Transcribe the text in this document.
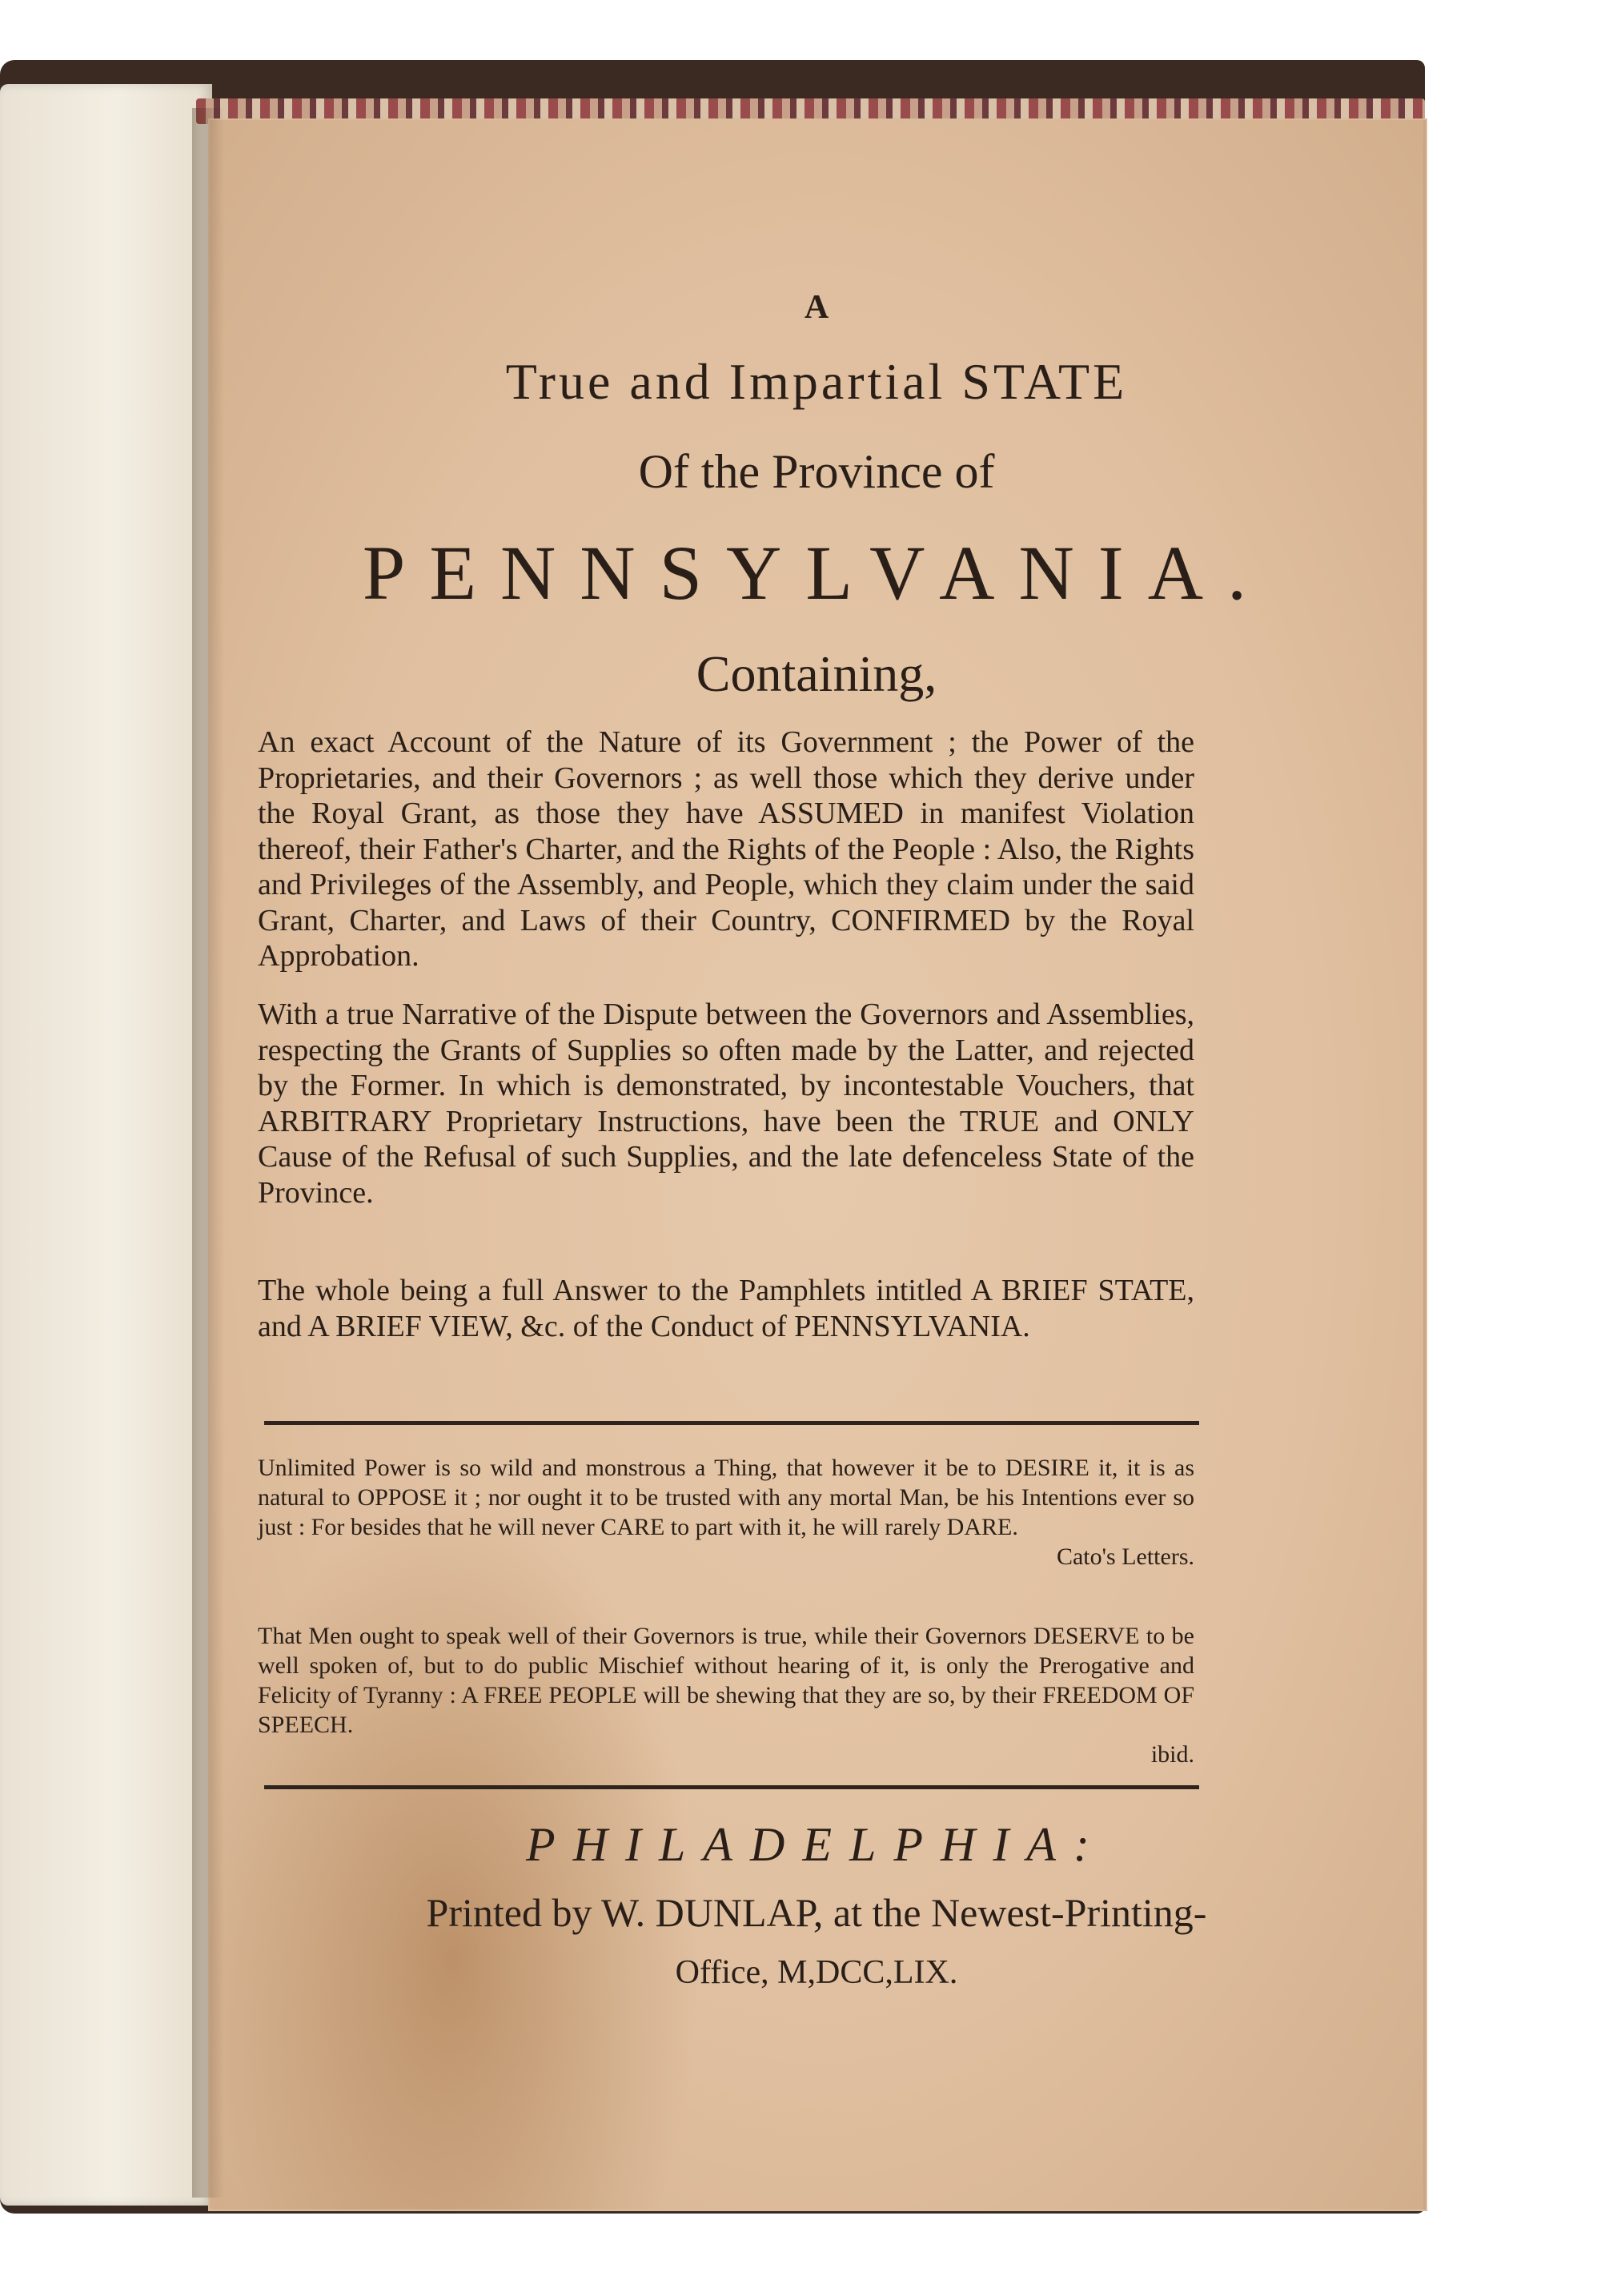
A
True and Impartial STATE
Of the Province of
PENNSYLVANIA.
Containing,
An exact Account of the Nature of its Government ; the Power of the Proprietaries, and their Governors ; as well those which they derive under the Royal Grant, as those they have ASSUMED in manifest Violation thereof, their Father's Charter, and the Rights of the People : Also, the Rights and Privileges of the Assembly, and People, which they claim under the said Grant, Charter, and Laws of their Country, CONFIRMED by the Royal Approbation.
With a true Narrative of the Dispute between the Governors and Assemblies, respecting the Grants of Supplies so often made by the Latter, and rejected by the Former. In which is demonstrated, by incontestable Vouchers, that ARBITRARY Proprietary Instructions, have been the TRUE and ONLY Cause of the Refusal of such Supplies, and the late defenceless State of the Province.
The whole being a full Answer to the Pamphlets intitled A BRIEF STATE, and A BRIEF VIEW, &c. of the Conduct of PENNSYLVANIA.
Unlimited Power is so wild and monstrous a Thing, that however it be to DESIRE it, it is as natural to OPPOSE it ; nor ought it to be trusted with any mortal Man, be his Intentions ever so just : For besides that he will never CARE to part with it, he will rarely DARE.
Cato's Letters.
That Men ought to speak well of their Governors is true, while their Governors DESERVE to be well spoken of, but to do public Mischief without hearing of it, is only the Prerogative and Felicity of Tyranny : A FREE PEOPLE will be shewing that they are so, by their FREEDOM OF SPEECH.
ibid.
PHILADELPHIA:
Printed by W. DUNLAP, at the Newest-Printing-
Office, M,DCC,LIX.
